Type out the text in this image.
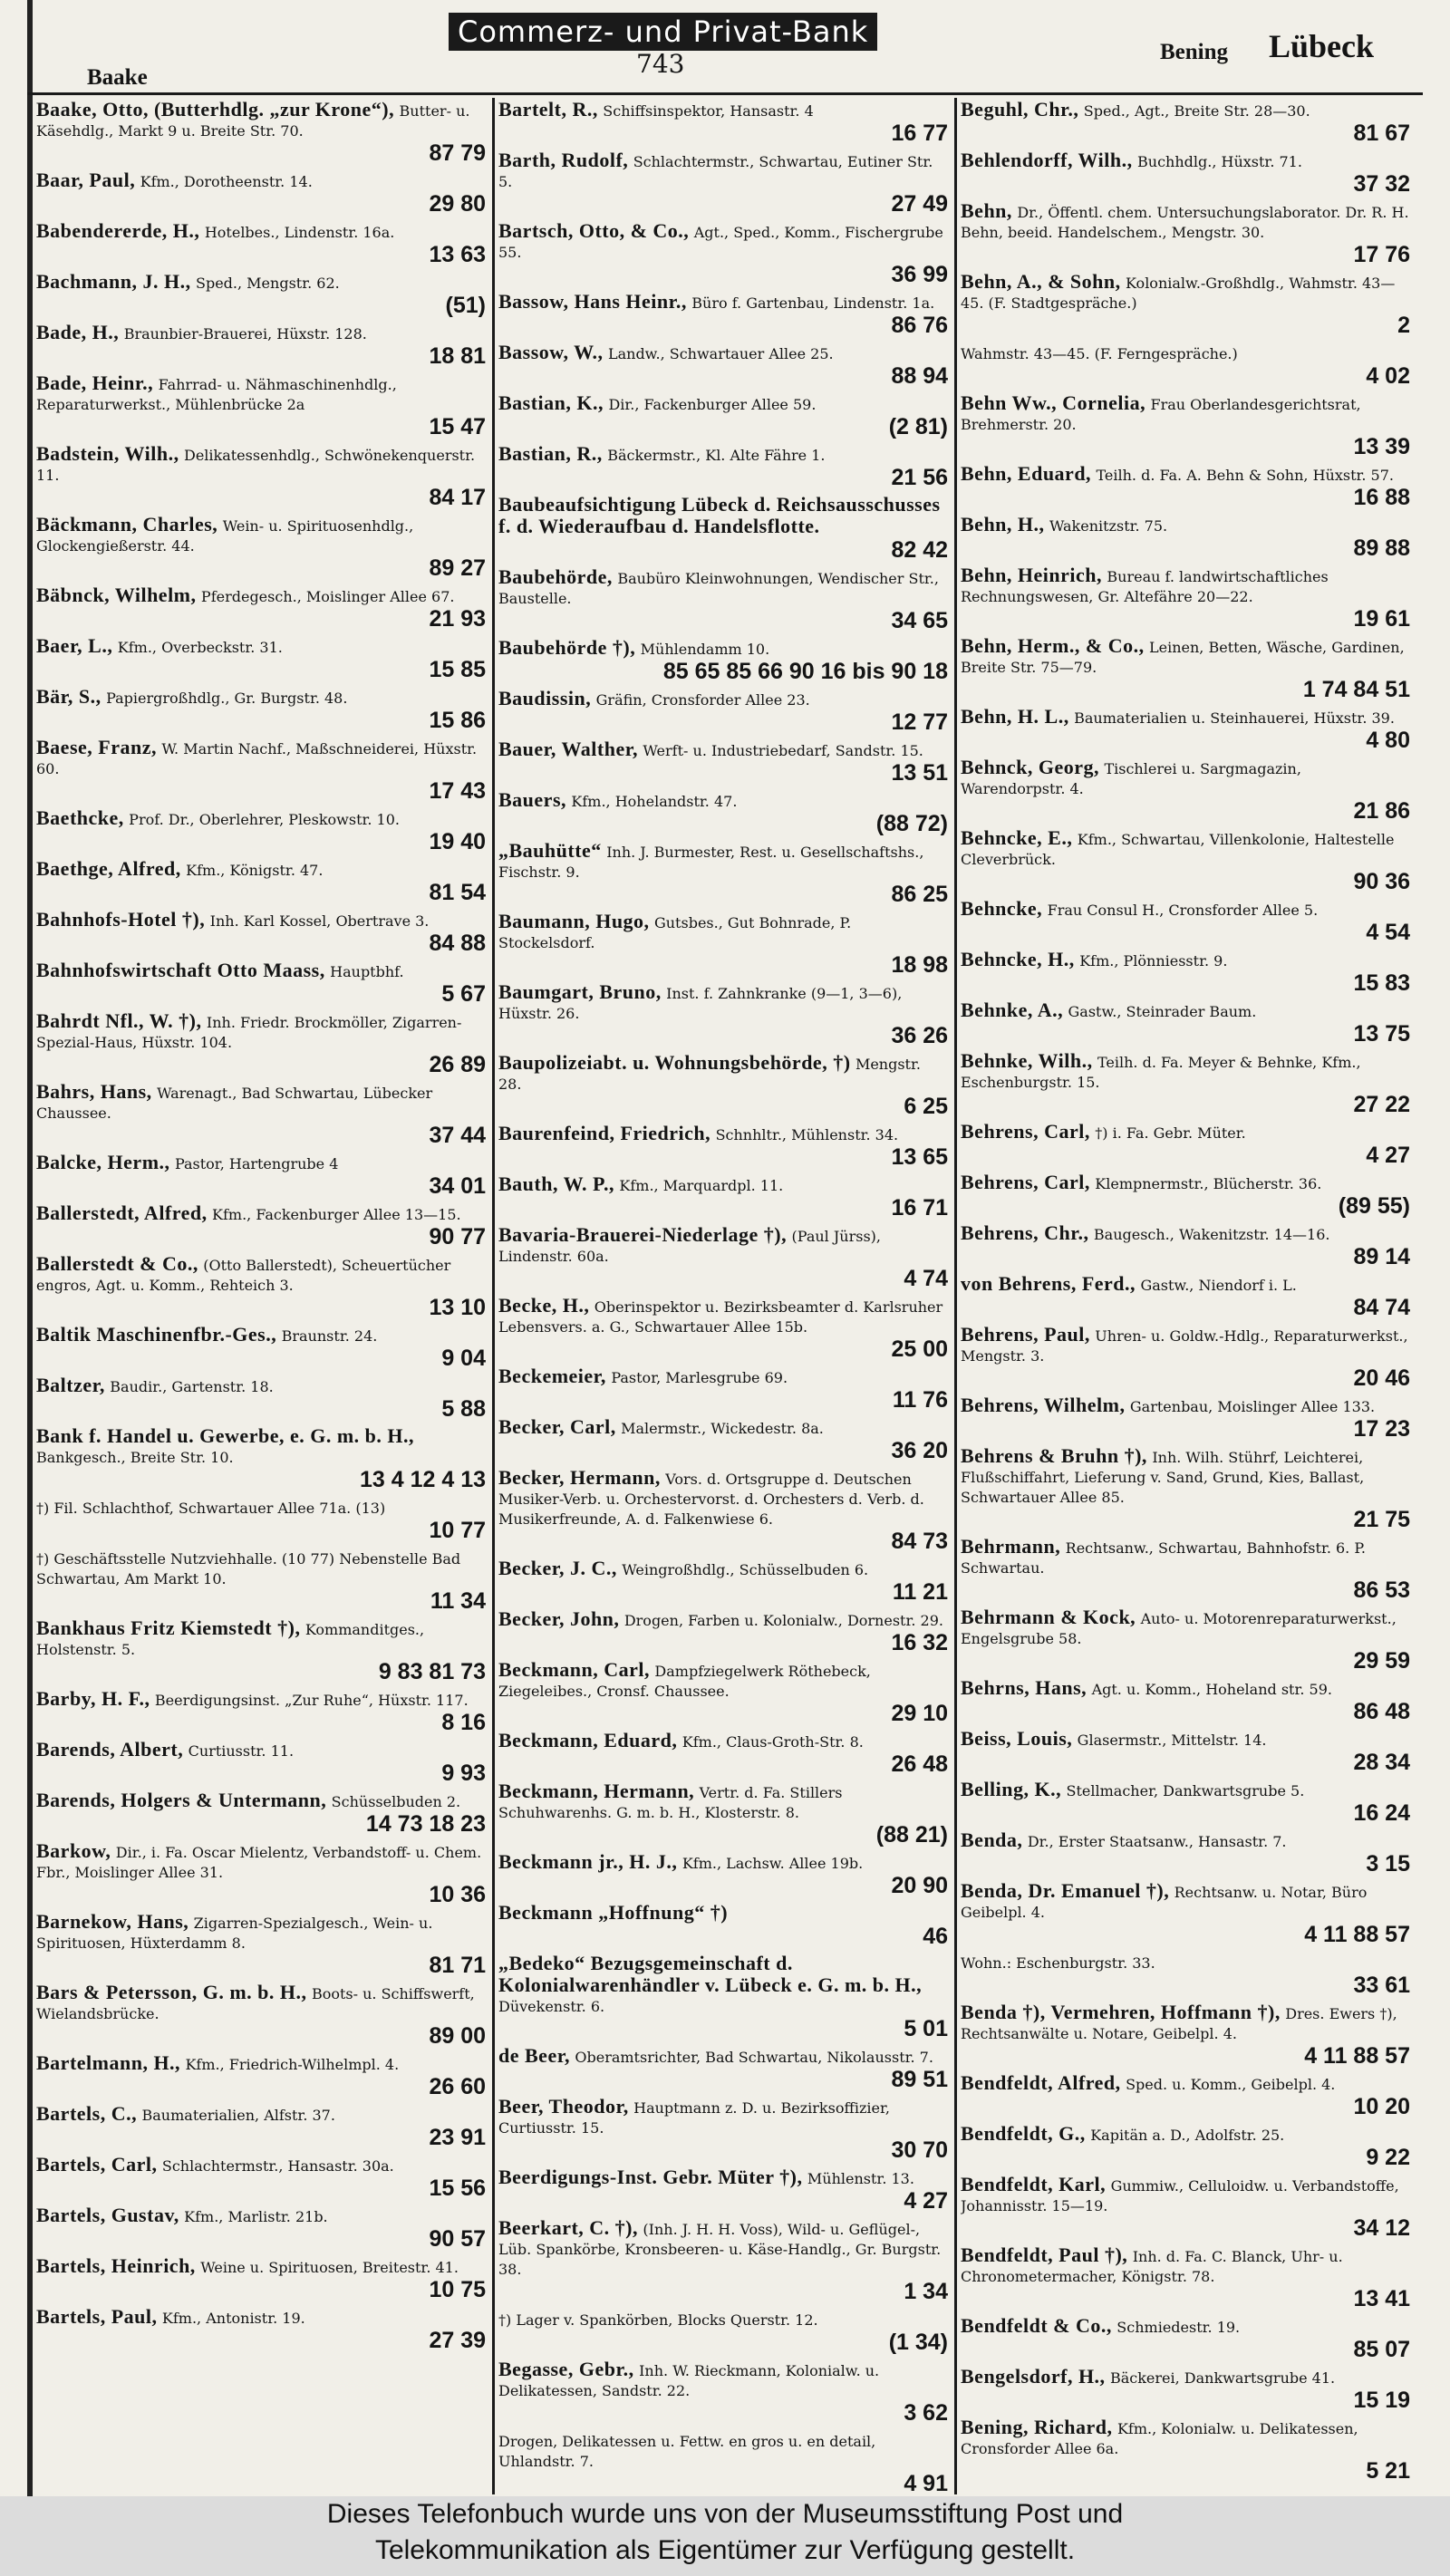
Baake
Commerz- und Privat-Bank
743	Bening Lübeck
Baake, Otto, (Butterhdlg. „zur Krone“), Butter- u. Käsehdlg., Markt 9 u. Breite Str. 70.
87 79
Baar, Paul, Kfm., Dorotheenstr. 14.
29 80
Babendererde, H., Hotelbes., Lindenstr. 16a.
13 63
Bachmann, J. H., Sped., Mengstr. 62.
(51)
Bade, H., Braunbier-Brauerei, Hüxstr. 128.
18 81
Bade, Heinr., Fahrrad- u. Nähmaschinenhdlg., Reparaturwerkst., Mühlenbrücke 2a
15 47
Badstein, Wilh., Delikatessenhdlg., Schwönekenquerstr. 11.
84 17
Bäckmann, Charles, Wein- u. Spirituosenhdlg., Glockengießerstr. 44.
89 27
Bäbnck, Wilhelm, Pferdegesch., Moislinger Allee 67.
21 93
Baer, L., Kfm., Overbeckstr. 31.
15 85
Bär, S., Papiergroßhdlg., Gr. Burgstr. 48.
15 86
Baese, Franz, W. Martin Nachf., Maßschneiderei, Hüxstr. 60.
17 43
Baethcke, Prof. Dr., Oberlehrer, Pleskowstr. 10.
19 40
Baethge, Alfred, Kfm., Königstr. 47.
81 54
Bahnhofs-Hotel †), Inh. Karl Kossel, Obertrave 3.
84 88
Bahnhofswirtschaft Otto Maass, Hauptbhf.
5 67
Bahrdt Nfl., W. †), Inh. Friedr. Brockmöller, Zigarren-Spezial-Haus, Hüxstr. 104.
26 89
Bahrs, Hans, Warenagt., Bad Schwartau, Lübecker Chaussee.
37 44
Balcke, Herm., Pastor, Hartengrube 4
34 01
Ballerstedt, Alfred, Kfm., Fackenburger Allee 13—15.
90 77
Ballerstedt & Co., (Otto Ballerstedt), Scheuertücher engros, Agt. u. Komm., Rehteich 3.
13 10
Baltik Maschinenfbr.-Ges., Braunstr. 24.
9 04
Baltzer, Baudir., Gartenstr. 18.
5 88
Bank f. Handel u. Gewerbe, e. G. m. b. H., Bankgesch., Breite Str. 10.
13 4 12 4 13
†) Fil. Schlachthof, Schwartauer Allee 71a. (13)
10 77
†) Geschäftsstelle Nutzviehhalle. (10 77) Nebenstelle Bad Schwartau, Am Markt 10.
11 34
Bankhaus Fritz Kiemstedt †), Kommanditges., Holstenstr. 5.
9 83 81 73
Barby, H. F., Beerdigungsinst. „Zur Ruhe“, Hüxstr. 117.
8 16
Barends, Albert, Curtiusstr. 11.
9 93
Barends, Holgers & Untermann, Schüsselbuden 2.
14 73 18 23
Barkow, Dir., i. Fa. Oscar Mielentz, Verbandstoff- u. Chem. Fbr., Moislinger Allee 31.
10 36
Barnekow, Hans, Zigarren-Spezialgesch., Wein- u. Spirituosen, Hüxterdamm 8.
81 71
Bars & Petersson, G. m. b. H., Boots- u. Schiffswerft, Wielandsbrücke.
89 00
Bartelmann, H., Kfm., Friedrich-Wilhelmpl. 4.
26 60
Bartels, C., Baumaterialien, Alfstr. 37.
23 91
Bartels, Carl, Schlachtermstr., Hansastr. 30a.
15 56
Bartels, Gustav, Kfm., Marlistr. 21b.
90 57
Bartels, Heinrich, Weine u. Spirituosen, Breitestr. 41.
10 75
Bartels, Paul, Kfm., Antonistr. 19.
27 39
Bartelt, R., Schiffsinspektor, Hansastr. 4
16 77
Barth, Rudolf, Schlachtermstr., Schwartau, Eutiner Str. 5.
27 49
Bartsch, Otto, & Co., Agt., Sped., Komm., Fischergrube 55.
36 99
Bassow, Hans Heinr., Büro f. Gartenbau, Lindenstr. 1a.
86 76
Bassow, W., Landw., Schwartauer Allee 25.
88 94
Bastian, K., Dir., Fackenburger Allee 59.
(2 81)
Bastian, R., Bäckermstr., Kl. Alte Fähre 1.
21 56
Baubeaufsichtigung Lübeck d. Reichsausschusses f. d. Wiederaufbau d. Handelsflotte.
82 42
Baubehörde, Baubüro Kleinwohnungen, Wendischer Str., Baustelle.
34 65
Baubehörde †), Mühlendamm 10.
85 65 85 66 90 16 bis 90 18
Baudissin, Gräfin, Cronsforder Allee 23.
12 77
Bauer, Walther, Werft- u. Industriebedarf, Sandstr. 15.
13 51
Bauers, Kfm., Hohelandstr. 47.
(88 72)
„Bauhütte“ Inh. J. Burmester, Rest. u. Gesellschaftshs., Fischstr. 9.
86 25
Baumann, Hugo, Gutsbes., Gut Bohnrade, P. Stockelsdorf.
18 98
Baumgart, Bruno, Inst. f. Zahnkranke (9—1, 3—6), Hüxstr. 26.
36 26
Baupolizeiabt. u. Wohnungsbehörde, †) Mengstr. 28.
6 25
Baurenfeind, Friedrich, Schnhltr., Mühlenstr. 34.
13 65
Bauth, W. P., Kfm., Marquardpl. 11.
16 71
Bavaria-Brauerei-Niederlage †), (Paul Jürss), Lindenstr. 60a.
4 74
Becke, H., Oberinspektor u. Bezirksbeamter d. Karlsruher Lebensvers. a. G., Schwartauer Allee 15b.
25 00
Beckemeier, Pastor, Marlesgrube 69.
11 76
Becker, Carl, Malermstr., Wickedestr. 8a.
36 20
Becker, Hermann, Vors. d. Ortsgruppe d. Deutschen Musiker-Verb. u. Orchestervorst. d. Orchesters d. Verb. d. Musikerfreunde, A. d. Falkenwiese 6.
84 73
Becker, J. C., Weingroßhdlg., Schüsselbuden 6.
11 21
Becker, John, Drogen, Farben u. Kolonialw., Dornestr. 29.
16 32
Beckmann, Carl, Dampfziegelwerk Röthebeck, Ziegeleibes., Cronsf. Chaussee.
29 10
Beckmann, Eduard, Kfm., Claus-Groth-Str. 8.
26 48
Beckmann, Hermann, Vertr. d. Fa. Stillers Schuhwarenhs. G. m. b. H., Klosterstr. 8.
(88 21)
Beckmann jr., H. J., Kfm., Lachsw. Allee 19b.
20 90
Beckmann „Hoffnung“ †)
46
„Bedeko“ Bezugsgemeinschaft d. Kolonialwarenhändler v. Lübeck e. G. m. b. H., Düvekenstr. 6.
5 01
de Beer, Oberamtsrichter, Bad Schwartau, Nikolausstr. 7.
89 51
Beer, Theodor, Hauptmann z. D. u. Bezirksoffizier, Curtiusstr. 15.
30 70
Beerdigungs-Inst. Gebr. Müter †), Mühlenstr. 13.
4 27
Beerkart, C. †), (Inh. J. H. H. Voss), Wild- u. Geflügel-, Lüb. Spankörbe, Kronsbeeren- u. Käse-Handlg., Gr. Burgstr. 38.
1 34
†) Lager v. Spankörben, Blocks Querstr. 12.
(1 34)
Begasse, Gebr., Inh. W. Rieckmann, Kolonialw. u. Delikatessen, Sandstr. 22.
3 62
Drogen, Delikatessen u. Fettw. en gros u. en detail, Uhlandstr. 7.
4 91
Beguhl, Chr., Sped., Agt., Breite Str. 28—30.
81 67
Behlendorff, Wilh., Buchhdlg., Hüxstr. 71.
37 32
Behn, Dr., Öffentl. chem. Untersuchungslaborator. Dr. R. H. Behn, beeid. Handelschem., Mengstr. 30.
17 76
Behn, A., & Sohn, Kolonialw.-Großhdlg., Wahmstr. 43—45. (F. Stadtgespräche.)
2
Wahmstr. 43—45. (F. Ferngespräche.)
4 02
Behn Ww., Cornelia, Frau Oberlandesgerichtsrat, Brehmerstr. 20.
13 39
Behn, Eduard, Teilh. d. Fa. A. Behn & Sohn, Hüxstr. 57.
16 88
Behn, H., Wakenitzstr. 75.
89 88
Behn, Heinrich, Bureau f. landwirtschaftliches Rechnungswesen, Gr. Altefähre 20—22.
19 61
Behn, Herm., & Co., Leinen, Betten, Wäsche, Gardinen, Breite Str. 75—79.
1 74 84 51
Behn, H. L., Baumaterialien u. Steinhauerei, Hüxstr. 39.
4 80
Behnck, Georg, Tischlerei u. Sargmagazin, Warendorpstr. 4.
21 86
Behncke, E., Kfm., Schwartau, Villenkolonie, Haltestelle Cleverbrück.
90 36
Behncke, Frau Consul H., Cronsforder Allee 5.
4 54
Behncke, H., Kfm., Plönniesstr. 9.
15 83
Behnke, A., Gastw., Steinrader Baum.
13 75
Behnke, Wilh., Teilh. d. Fa. Meyer & Behnke, Kfm., Eschenburgstr. 15.
27 22
Behrens, Carl, †) i. Fa. Gebr. Müter.
4 27
Behrens, Carl, Klempnermstr., Blücherstr. 36.
(89 55)
Behrens, Chr., Baugesch., Wakenitzstr. 14—16.
89 14
von Behrens, Ferd., Gastw., Niendorf i. L.
84 74
Behrens, Paul, Uhren- u. Goldw.-Hdlg., Reparaturwerkst., Mengstr. 3.
20 46
Behrens, Wilhelm, Gartenbau, Moislinger Allee 133.
17 23
Behrens & Bruhn †), Inh. Wilh. Stührf, Leichterei, Flußschiffahrt, Lieferung v. Sand, Grund, Kies, Ballast, Schwartauer Allee 85.
21 75
Behrmann, Rechtsanw., Schwartau, Bahnhofstr. 6. P. Schwartau.
86 53
Behrmann & Kock, Auto- u. Motorenreparaturwerkst., Engelsgrube 58.
29 59
Behrns, Hans, Agt. u. Komm., Hoheland str. 59.
86 48
Beiss, Louis, Glasermstr., Mittelstr. 14.
28 34
Belling, K., Stellmacher, Dankwartsgrube 5.
16 24
Benda, Dr., Erster Staatsanw., Hansastr. 7.
3 15
Benda, Dr. Emanuel †), Rechtsanw. u. Notar, Büro Geibelpl. 4.
4 11 88 57
Wohn.: Eschenburgstr. 33.
33 61
Benda †), Vermehren, Hoffmann †), Dres. Ewers †), Rechtsanwälte u. Notare, Geibelpl. 4.
4 11 88 57
Bendfeldt, Alfred, Sped. u. Komm., Geibelpl. 4.
10 20
Bendfeldt, G., Kapitän a. D., Adolfstr. 25.
9 22
Bendfeldt, Karl, Gummiw., Celluloidw. u. Verbandstoffe, Johannisstr. 15—19.
34 12
Bendfeldt, Paul †), Inh. d. Fa. C. Blanck, Uhr- u. Chronometermacher, Königstr. 78.
13 41
Bendfeldt & Co., Schmiedestr. 19.
85 07
Bengelsdorf, H., Bäckerei, Dankwartsgrube 41.
15 19
Bening, Richard, Kfm., Kolonialw. u. Delikatessen, Cronsforder Allee 6a.
5 21
Dieses Telefonbuch wurde uns von der Museumsstiftung Post und
Telekommunikation als Eigentümer zur Verfügung gestellt.
